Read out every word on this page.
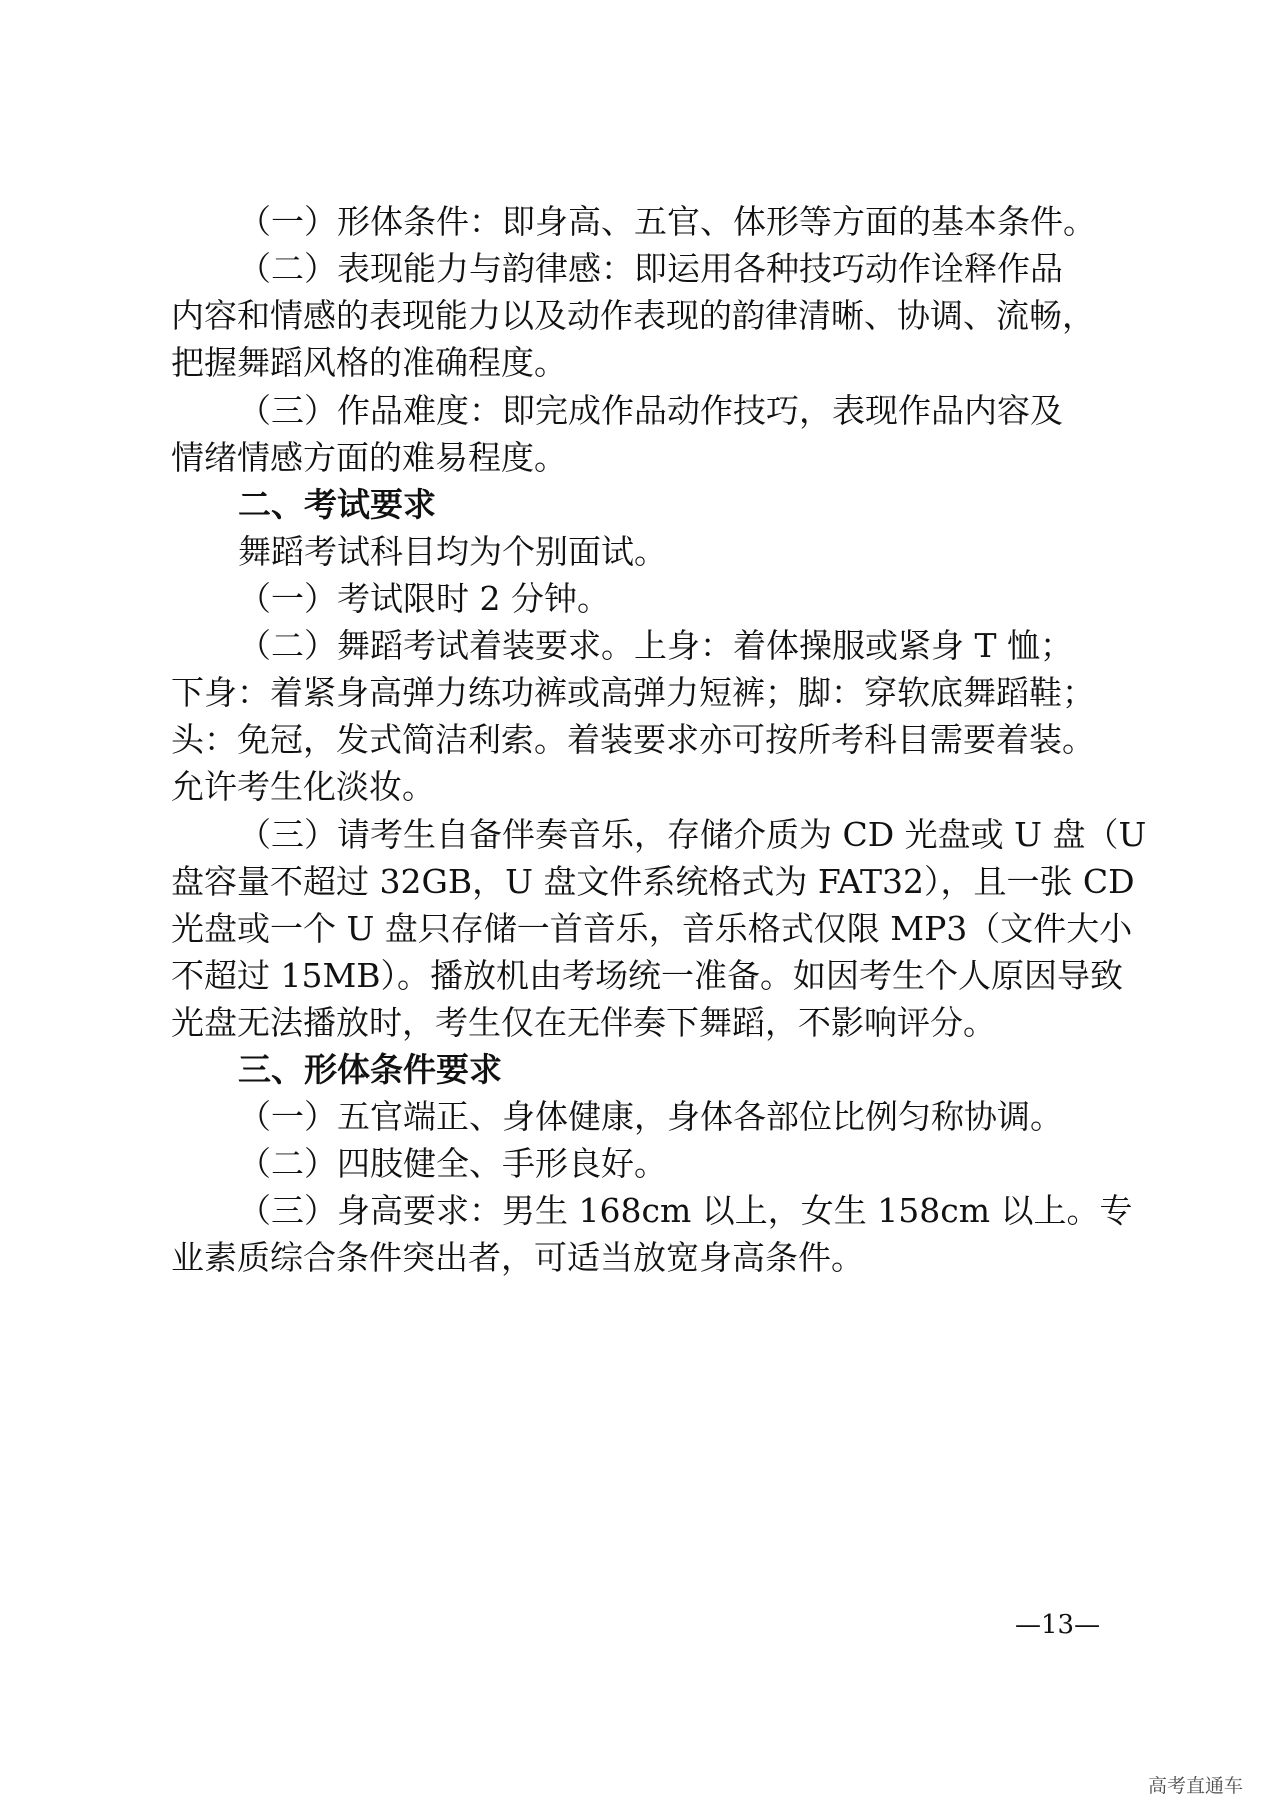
（一）形体条件：即身高、五官、体形等方面的基本条件。
（二）表现能力与韵律感：即运用各种技巧动作诠释作品
内容和情感的表现能力以及动作表现的韵律清晰、协调、流畅，
把握舞蹈风格的准确程度。
（三）作品难度：即完成作品动作技巧，表现作品内容及
情绪情感方面的难易程度。
二、考试要求
舞蹈考试科目均为个别面试。
（一）考试限时 2 分钟。
（二）舞蹈考试着装要求。上身：着体操服或紧身 T 恤；
下身：着紧身高弹力练功裤或高弹力短裤；脚：穿软底舞蹈鞋；
头：免冠，发式简洁利索。着装要求亦可按所考科目需要着装。
允许考生化淡妆。
（三）请考生自备伴奏音乐，存储介质为 CD 光盘或 U 盘（U
盘容量不超过 32GB，U 盘文件系统格式为 FAT32），且一张 CD
光盘或一个 U 盘只存储一首音乐，音乐格式仅限 MP3（文件大小
不超过 15MB）。播放机由考场统一准备。如因考生个人原因导致
光盘无法播放时，考生仅在无伴奏下舞蹈，不影响评分。
三、形体条件要求
（一）五官端正、身体健康，身体各部位比例匀称协调。
（二）四肢健全、手形良好。
（三）身高要求：男生 168cm 以上，女生 158cm 以上。专
业素质综合条件突出者，可适当放宽身高条件。
—13—
高考直通车
